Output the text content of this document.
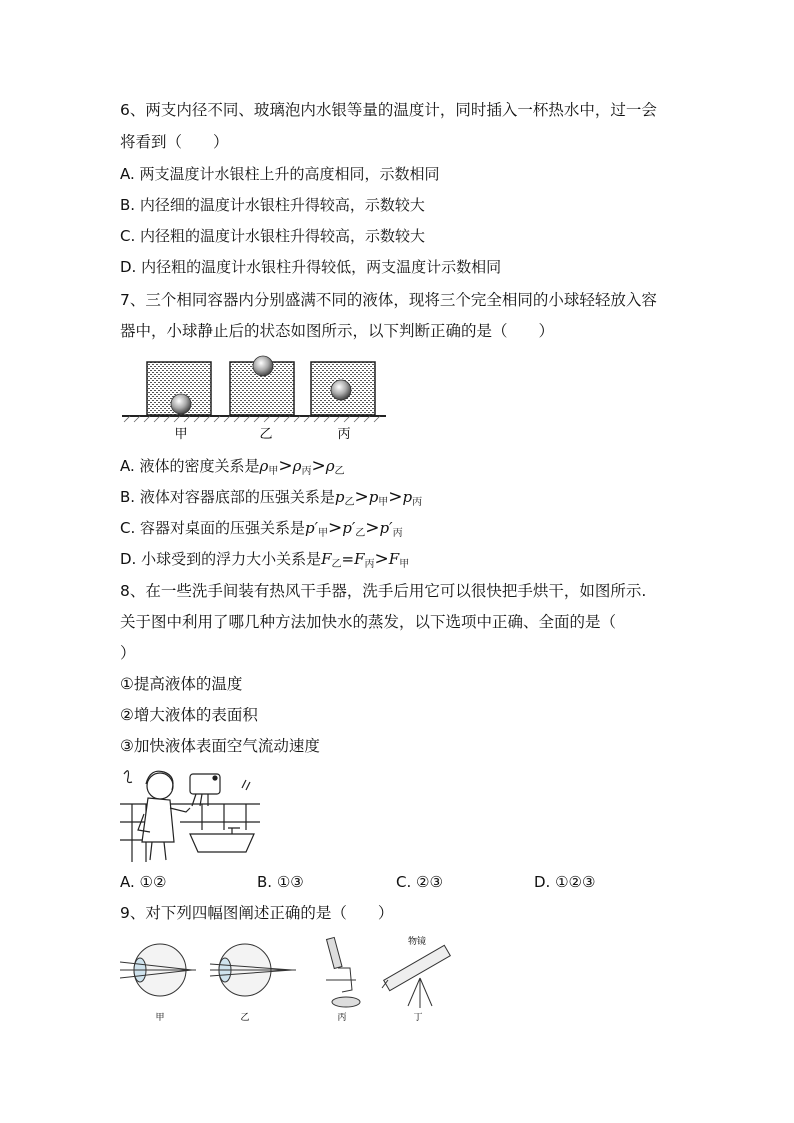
6、两支内径不同、玻璃泡内水银等量的温度计，同时插入一杯热水中，过一会
将看到（　　）
A. 两支温度计水银柱上升的高度相同，示数相同
B. 内径细的温度计水银柱升得较高，示数较大
C. 内径粗的温度计水银柱升得较高，示数较大
D. 内径粗的温度计水银柱升得较低，两支温度计示数相同
7、三个相同容器内分别盛满不同的液体，现将三个完全相同的小球轻轻放入容
器中，小球静止后的状态如图所示，以下判断正确的是（　　）
甲	乙	丙
A. 液体的密度关系是$\rho_甲>\rho_丙>\rho_乙$
B. 液体对容器底部的压强关系是$p_乙>p_甲>p_丙$
C. 容器对桌面的压强关系是$p'_甲>p'_乙>p'_丙$
D. 小球受到的浮力大小关系是$F_乙=F_丙>F_甲$
8、在一些洗手间装有热风干手器，洗手后用它可以很快把手烘干，如图所示.
关于图中利用了哪几种方法加快水的蒸发，以下选项中正确、全面的是（
）
①提高液体的温度
②增大液体的表面积
③加快液体表面空气流动速度
A. ①②	B. ①③	C. ②③	D. ①②③
9、对下列四幅图阐述正确的是（　　）
物镜
甲	乙	丙	丁
